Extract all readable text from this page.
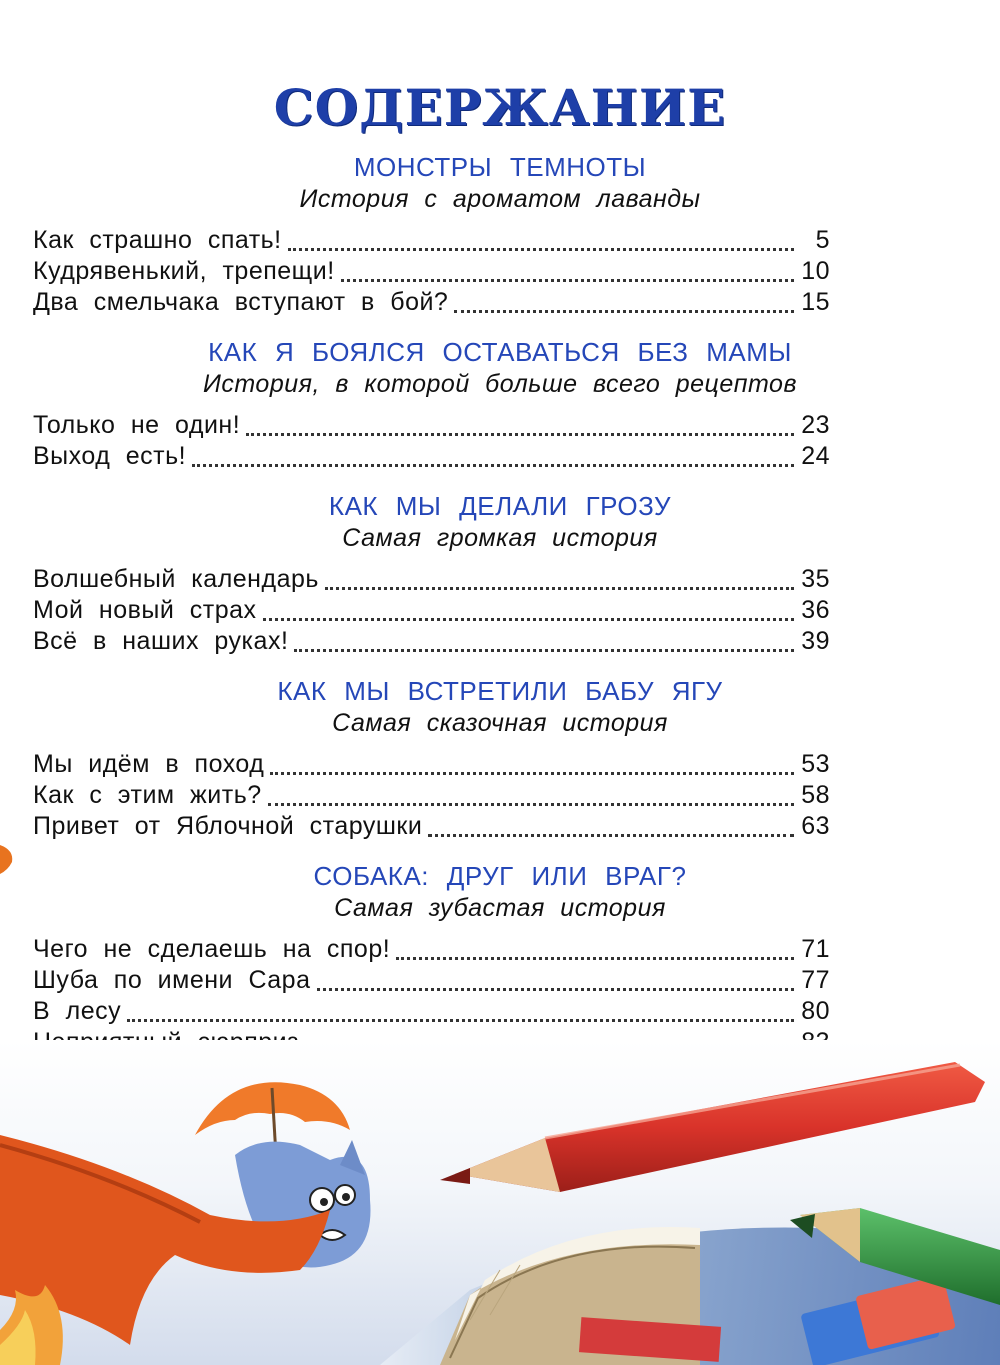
СОДЕРЖАНИЕ
МОНСТРЫ ТЕМНОТЫ
История с ароматом лаванды
Как страшно спать!	5
Кудрявенький, трепещи!	10
Два смельчака вступают в бой?	15
КАК Я БОЯЛСЯ ОСТАВАТЬСЯ БЕЗ МАМЫ
История, в которой больше всего рецептов
Только не один!	23
Выход есть!	24
КАК МЫ ДЕЛАЛИ ГРОЗУ
Самая громкая история
Волшебный календарь	35
Мой новый страх	36
Всё в наших руках!	39
КАК МЫ ВСТРЕТИЛИ БАБУ ЯГУ
Самая сказочная история
Мы идём в поход	53
Как с этим жить?	58
Привет от Яблочной старушки	63
СОБАКА: ДРУГ ИЛИ ВРАГ?
Самая зубастая история
Чего не сделаешь на спор!	71
Шуба по имени Сара	77
В лесу	80
